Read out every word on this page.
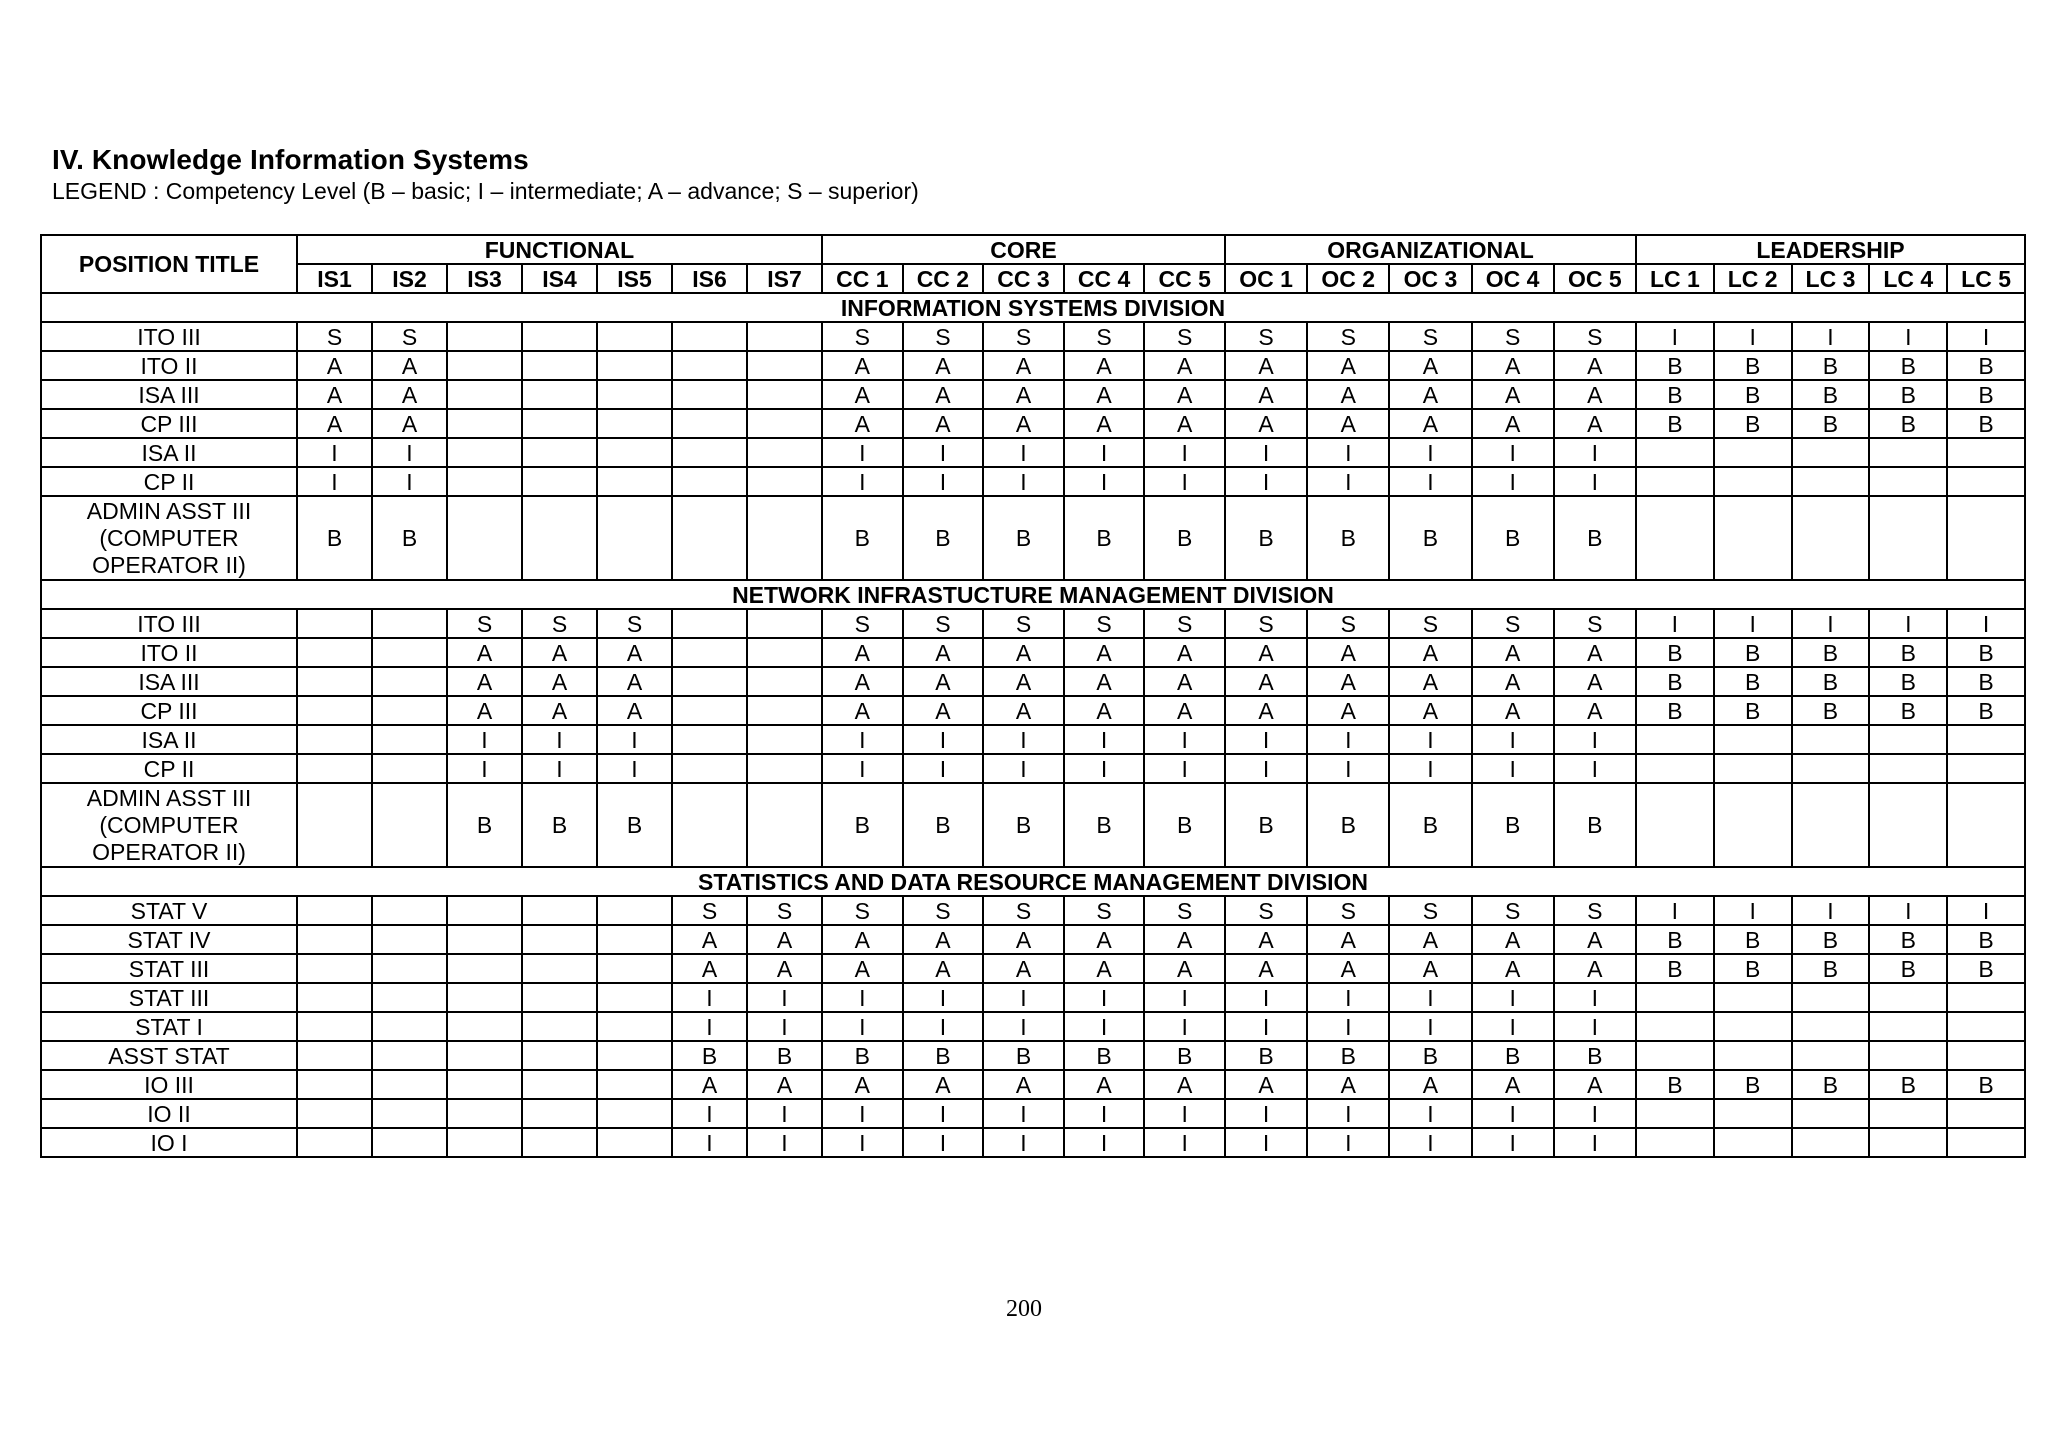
IV. Knowledge Information Systems
LEGEND : Competency Level (B – basic; I – intermediate; A – advance; S – superior)
POSITION TITLE	FUNCTIONAL							CORE					ORGANIZATIONAL					LEADERSHIP				
	IS1	IS2	IS3	IS4	IS5	IS6	IS7	CC 1	CC 2	CC 3	CC 4	CC 5	OC 1	OC 2	OC 3	OC 4	OC 5	LC 1	LC 2	LC 3	LC 4	LC 5
INFORMATION SYSTEMS DIVISION																						
ITO III	S	S						S	S	S	S	S	S	S	S	S	S	I	I	I	I	I
ITO II	A	A						A	A	A	A	A	A	A	A	A	A	B	B	B	B	B
ISA III	A	A						A	A	A	A	A	A	A	A	A	A	B	B	B	B	B
CP III	A	A						A	A	A	A	A	A	A	A	A	A	B	B	B	B	B
ISA II	I	I						I	I	I	I	I	I	I	I	I	I					
CP II	I	I						I	I	I	I	I	I	I	I	I	I					
ADMIN ASST III
(COMPUTER
OPERATOR II)	B	B						B	B	B	B	B	B	B	B	B	B					
NETWORK INFRASTUCTURE MANAGEMENT DIVISION																						
ITO III			S	S	S			S	S	S	S	S	S	S	S	S	S	I	I	I	I	I
ITO II			A	A	A			A	A	A	A	A	A	A	A	A	A	B	B	B	B	B
ISA III			A	A	A			A	A	A	A	A	A	A	A	A	A	B	B	B	B	B
CP III			A	A	A			A	A	A	A	A	A	A	A	A	A	B	B	B	B	B
ISA II			I	I	I			I	I	I	I	I	I	I	I	I	I					
CP II			I	I	I			I	I	I	I	I	I	I	I	I	I					
ADMIN ASST III
(COMPUTER
OPERATOR II)			B	B	B			B	B	B	B	B	B	B	B	B	B					
STATISTICS AND DATA RESOURCE MANAGEMENT DIVISION																						
STAT V						S	S	S	S	S	S	S	S	S	S	S	S	I	I	I	I	I
STAT IV						A	A	A	A	A	A	A	A	A	A	A	A	B	B	B	B	B
STAT III						A	A	A	A	A	A	A	A	A	A	A	A	B	B	B	B	B
STAT III						I	I	I	I	I	I	I	I	I	I	I	I					
STAT I						I	I	I	I	I	I	I	I	I	I	I	I					
ASST STAT						B	B	B	B	B	B	B	B	B	B	B	B					
IO III						A	A	A	A	A	A	A	A	A	A	A	A	B	B	B	B	B
IO II						I	I	I	I	I	I	I	I	I	I	I	I					
IO I						I	I	I	I	I	I	I	I	I	I	I	I					
200
